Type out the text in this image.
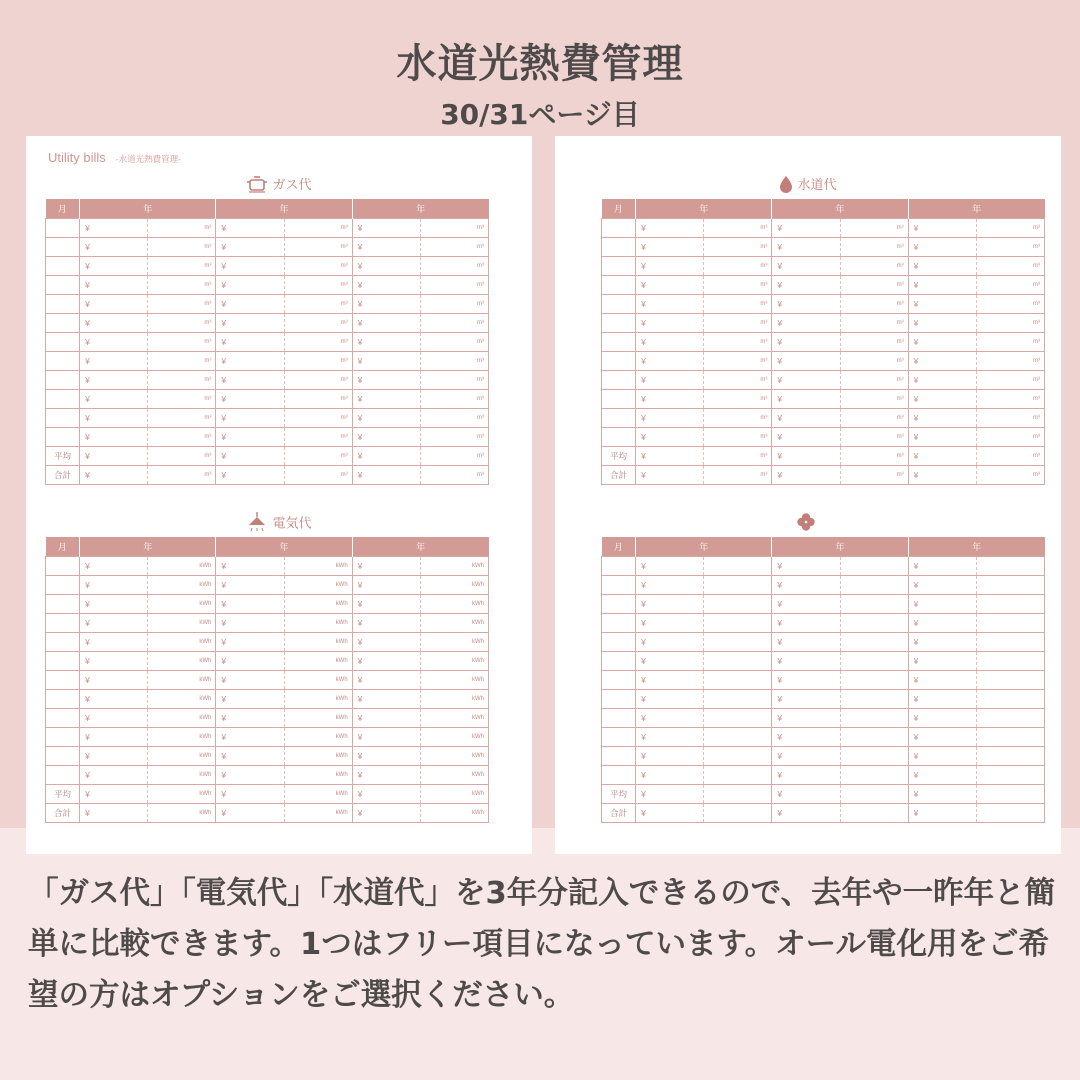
水道光熱費管理
30/31ページ目
Utility bills -水道光熱費管理-
ガス代
月	年		年		年	
	¥	m³	¥	m³	¥	m³
	¥	m³	¥	m³	¥	m³
	¥	m³	¥	m³	¥	m³
	¥	m³	¥	m³	¥	m³
	¥	m³	¥	m³	¥	m³
	¥	m³	¥	m³	¥	m³
	¥	m³	¥	m³	¥	m³
	¥	m³	¥	m³	¥	m³
	¥	m³	¥	m³	¥	m³
	¥	m³	¥	m³	¥	m³
	¥	m³	¥	m³	¥	m³
	¥	m³	¥	m³	¥	m³
平均	¥	m³	¥	m³	¥	m³
合計	¥	m³	¥	m³	¥	m³
電気代
月	年		年		年	
	¥	kWh	¥	kWh	¥	kWh
	¥	kWh	¥	kWh	¥	kWh
	¥	kWh	¥	kWh	¥	kWh
	¥	kWh	¥	kWh	¥	kWh
	¥	kWh	¥	kWh	¥	kWh
	¥	kWh	¥	kWh	¥	kWh
	¥	kWh	¥	kWh	¥	kWh
	¥	kWh	¥	kWh	¥	kWh
	¥	kWh	¥	kWh	¥	kWh
	¥	kWh	¥	kWh	¥	kWh
	¥	kWh	¥	kWh	¥	kWh
	¥	kWh	¥	kWh	¥	kWh
平均	¥	kWh	¥	kWh	¥	kWh
合計	¥	kWh	¥	kWh	¥	kWh
水道代
月	年		年		年	
	¥	m³	¥	m³	¥	m³
	¥	m³	¥	m³	¥	m³
	¥	m³	¥	m³	¥	m³
	¥	m³	¥	m³	¥	m³
	¥	m³	¥	m³	¥	m³
	¥	m³	¥	m³	¥	m³
	¥	m³	¥	m³	¥	m³
	¥	m³	¥	m³	¥	m³
	¥	m³	¥	m³	¥	m³
	¥	m³	¥	m³	¥	m³
	¥	m³	¥	m³	¥	m³
	¥	m³	¥	m³	¥	m³
平均	¥	m³	¥	m³	¥	m³
合計	¥	m³	¥	m³	¥	m³
月	年		年		年	
	¥		¥		¥	
	¥		¥		¥	
	¥		¥		¥	
	¥		¥		¥	
	¥		¥		¥	
	¥		¥		¥	
	¥		¥		¥	
	¥		¥		¥	
	¥		¥		¥	
	¥		¥		¥	
	¥		¥		¥	
	¥		¥		¥	
平均	¥		¥		¥	
合計	¥		¥		¥	
「ガス代」「電気代」「水道代」を3年分記入できるので、去年や一昨年と簡単に比較できます。1つはフリー項目になっています。オール電化用をご希望の方はオプションをご選択ください。
